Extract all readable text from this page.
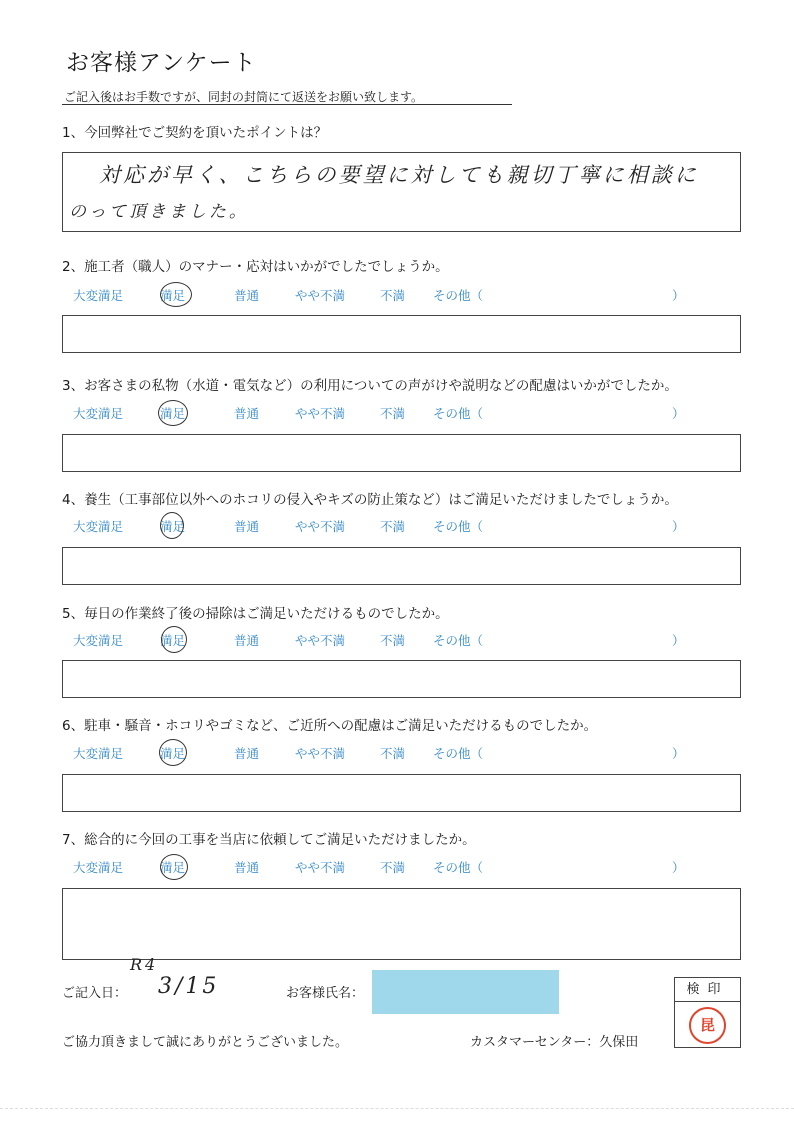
お客様アンケート
ご記入後はお手数ですが、同封の封筒にて返送をお願い致します。
1、今回弊社でご契約を頂いたポイントは？
対応が早く、こちらの要望に対しても親切丁寧に相談に
のって頂きました。
2、施工者（職人）のマナー・応対はいかがでしたでしょうか。
大変満足	満足	普通	やや不満	不満 その他（	）
3、お客さまの私物（水道・電気など）の利用についての声がけや説明などの配慮はいかがでしたか。
大変満足	満足	普通	やや不満	不満 その他（	）
4、養生（工事部位以外へのホコリの侵入やキズの防止策など）はご満足いただけましたでしょうか。
大変満足	満足	普通	やや不満	不満 その他（	）
5、毎日の作業終了後の掃除はご満足いただけるものでしたか。
大変満足	満足	普通	やや不満	不満 その他（	）
6、駐車・騒音・ホコリやゴミなど、ご近所への配慮はご満足いただけるものでしたか。
大変満足	満足	普通	やや不満	不満 その他（	）
7、総合的に今回の工事を当店に依頼してご満足いただけましたか。
大変満足	満足	普通	やや不満	不満 その他（	）
ご記入日：
R4
3/15	お客様氏名：	検印
昆
ご協力頂きまして誠にありがとうございました。	カスタマーセンター：久保田
